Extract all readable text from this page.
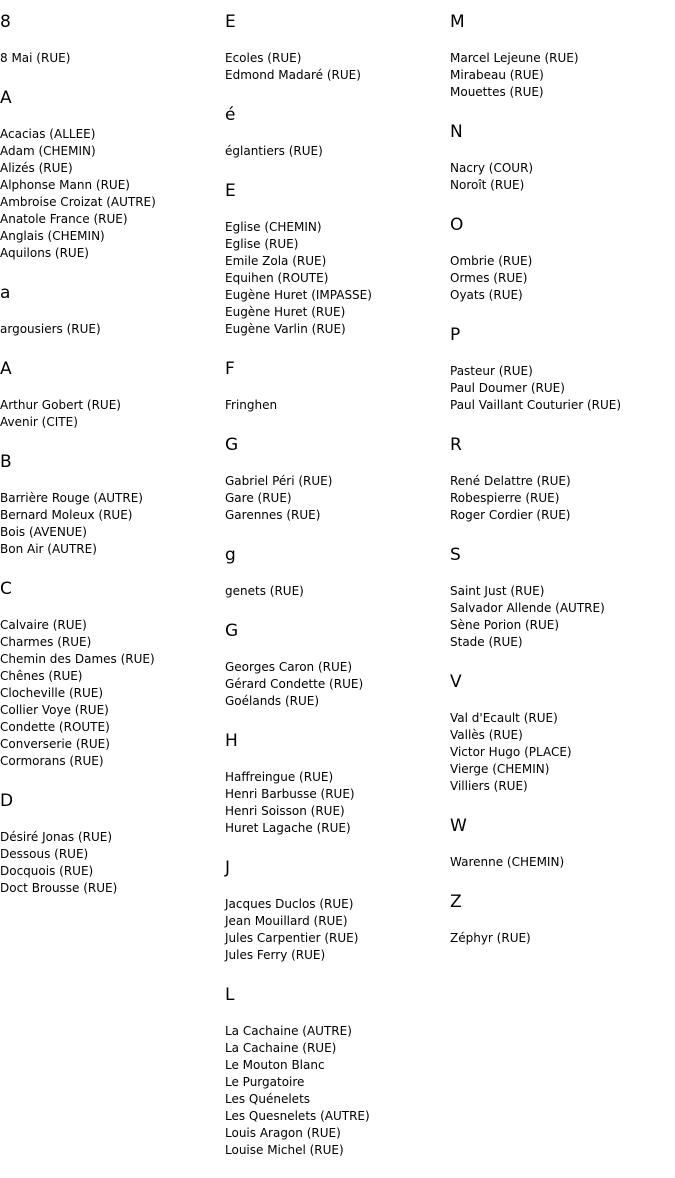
8
8 Mai (RUE)
A
Acacias (ALLEE)
Adam (CHEMIN)
Alizés (RUE)
Alphonse Mann (RUE)
Ambroise Croizat (AUTRE)
Anatole France (RUE)
Anglais (CHEMIN)
Aquilons (RUE)
a
argousiers (RUE)
A
Arthur Gobert (RUE)
Avenir (CITE)
B
Barrière Rouge (AUTRE)
Bernard Moleux (RUE)
Bois (AVENUE)
Bon Air (AUTRE)
C
Calvaire (RUE)
Charmes (RUE)
Chemin des Dames (RUE)
Chênes (RUE)
Clocheville (RUE)
Collier Voye (RUE)
Condette (ROUTE)
Converserie (RUE)
Cormorans (RUE)
D
Désiré Jonas (RUE)
Dessous (RUE)
Docquois (RUE)
Doct Brousse (RUE)
E
Ecoles (RUE)
Edmond Madaré (RUE)
é
églantiers (RUE)
E
Eglise (CHEMIN)
Eglise (RUE)
Emile Zola (RUE)
Equihen (ROUTE)
Eugène Huret (IMPASSE)
Eugène Huret (RUE)
Eugène Varlin (RUE)
F
Fringhen
G
Gabriel Péri (RUE)
Gare (RUE)
Garennes (RUE)
g
genets (RUE)
G
Georges Caron (RUE)
Gérard Condette (RUE)
Goélands (RUE)
H
Haffreingue (RUE)
Henri Barbusse (RUE)
Henri Soisson (RUE)
Huret Lagache (RUE)
J
Jacques Duclos (RUE)
Jean Mouillard (RUE)
Jules Carpentier (RUE)
Jules Ferry (RUE)
L
La Cachaine (AUTRE)
La Cachaine (RUE)
Le Mouton Blanc
Le Purgatoire
Les Quénelets
Les Quesnelets (AUTRE)
Louis Aragon (RUE)
Louise Michel (RUE)
M
Marcel Lejeune (RUE)
Mirabeau (RUE)
Mouettes (RUE)
N
Nacry (COUR)
Noroît (RUE)
O
Ombrie (RUE)
Ormes (RUE)
Oyats (RUE)
P
Pasteur (RUE)
Paul Doumer (RUE)
Paul Vaillant Couturier (RUE)
R
René Delattre (RUE)
Robespierre (RUE)
Roger Cordier (RUE)
S
Saint Just (RUE)
Salvador Allende (AUTRE)
Sène Porion (RUE)
Stade (RUE)
V
Val d'Ecault (RUE)
Vallès (RUE)
Victor Hugo (PLACE)
Vierge (CHEMIN)
Villiers (RUE)
W
Warenne (CHEMIN)
Z
Zéphyr (RUE)
